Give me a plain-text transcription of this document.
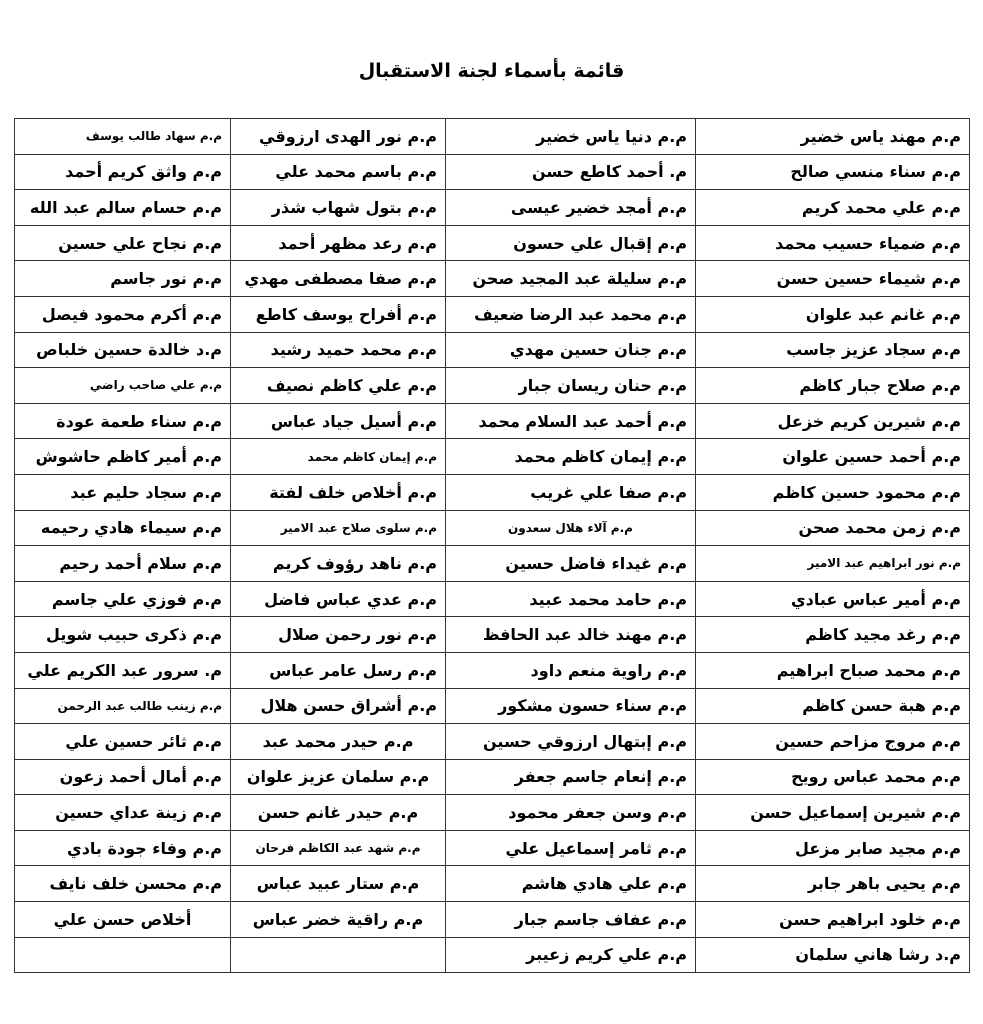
قائمة بأسماء لجنة الاستقبال
م.م مهند ياس خضير	م.م دنيا ياس خضير	م.م نور الهدى ارزوقي	م.م سهاد طالب يوسف
م.م سناء منسي صالح	م. أحمد كاطع حسن	م.م باسم محمد علي	م.م واثق كريم أحمد
م.م علي محمد كريم	م.م أمجد خضير عيسى	م.م بتول شهاب شذر	م.م حسام سالم عبد الله
م.م ضمياء حسيب محمد	م.م إقبال علي حسون	م.م رعد مظهر أحمد	م.م نجاح علي حسين
م.م شيماء حسين حسن	م.م سليلة عبد المجيد صحن	م.م صفا مصطفى مهدي	م.م نور جاسم
م.م غانم عبد علوان	م.م محمد عبد الرضا ضعيف	م.م أفراح يوسف كاطع	م.م أكرم محمود فيصل
م.م سجاد عزيز جاسب	م.م جنان حسين مهدي	م.م محمد حميد رشيد	م.د خالدة حسين خلباص
م.م صلاح جبار كاظم	م.م حنان ريسان جبار	م.م علي كاظم نصيف	م.م علي صاحب راضي
م.م شيرين كريم خزعل	م.م أحمد عبد السلام محمد	م.م أسيل جياد عباس	م.م سناء طعمة عودة
م.م أحمد حسين علوان	م.م إيمان كاظم محمد	م.م إيمان كاظم محمد	م.م أمير كاظم حاشوش
م.م محمود حسين كاظم	م.م صفا علي غريب	م.م أخلاص خلف لفتة	م.م سجاد حليم عبد
م.م زمن محمد صحن	م.م آلاء هلال سعدون	م.م سلوى صلاح عبد الامير	م.م سيماء هادي رحيمه
م.م نور ابراهيم عبد الامير	م.م غيداء فاضل حسين	م.م ناهد رؤوف كريم	م.م سلام أحمد رحيم
م.م أمير عباس عبادي	م.م حامد محمد عبيد	م.م عدي عباس فاضل	م.م فوزي علي جاسم
م.م رغد مجيد كاظم	م.م مهند خالد عبد الحافظ	م.م نور رحمن صلال	م.م ذكرى حبيب شويل
م.م محمد صباح ابراهيم	م.م راوية منعم داود	م.م رسل عامر عباس	م. سرور عبد الكريم علي
م.م هبة حسن كاظم	م.م سناء حسون مشكور	م.م أشراق حسن هلال	م.م زينب طالب عبد الرحمن
م.م مروج مزاحم حسين	م.م إبتهال ارزوقي حسين	م.م حيدر محمد عبد	م.م ثائر حسين علي
م.م محمد عباس رويح	م.م إنعام جاسم جعفر	م.م سلمان عزيز علوان	م.م أمال أحمد زعون
م.م شيرين إسماعيل حسن	م.م وسن جعفر محمود	م.م حيدر غانم حسن	م.م زينة عداي حسين
م.م مجيد صابر مزعل	م.م ثامر إسماعيل علي	م.م شهد عبد الكاظم فرحان	م.م وفاء جودة بادي
م.م يحيى باهر جابر	م.م علي هادي هاشم	م.م ستار عبيد عباس	م.م محسن خلف نايف
م.م خلود ابراهيم حسن	م.م عفاف جاسم جبار	م.م راقية خضر عباس	أخلاص حسن علي
م.د رشا هاني سلمان	م.م علي كريم زعيبر		
